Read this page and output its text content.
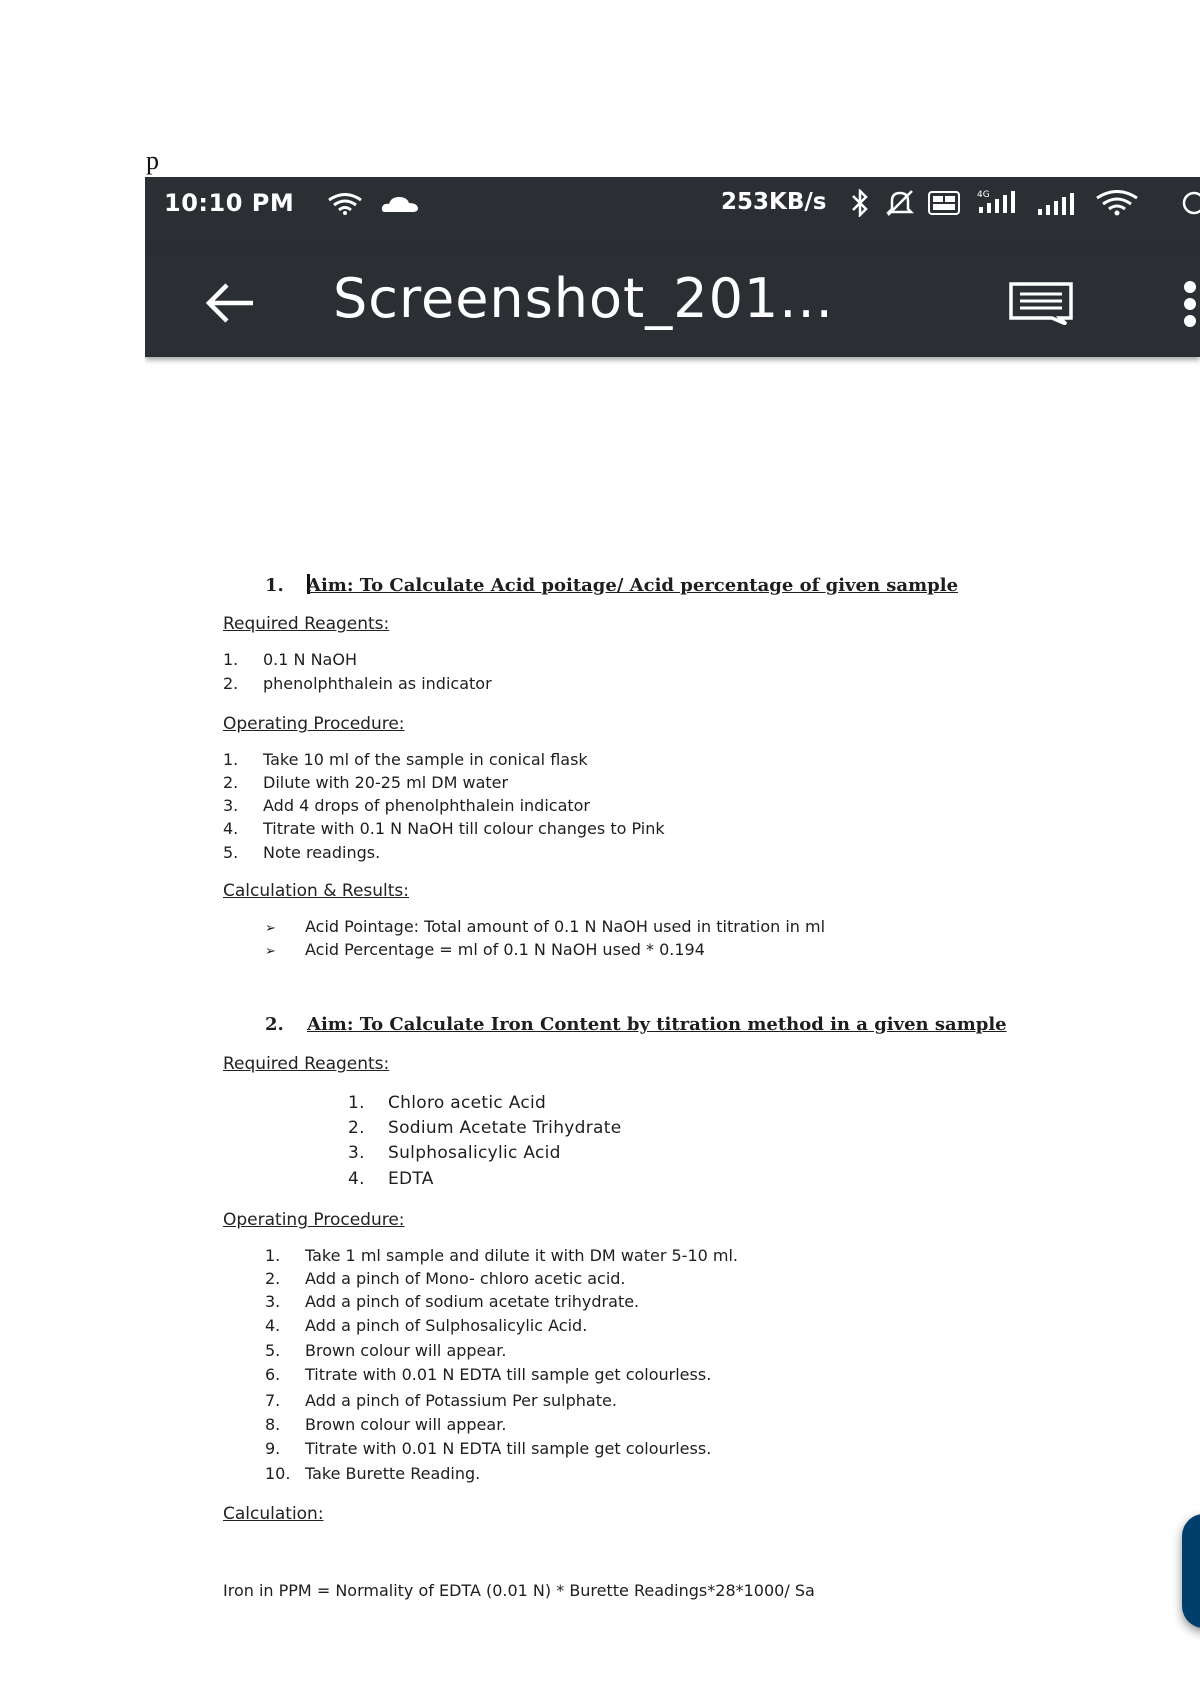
p
10:10 PM	253KB/s	4G
Screenshot_201...
1. Aim: To Calculate Acid poitage/ Acid percentage of given sample
Required Reagents:
1. 0.1 N NaOH
2. phenolphthalein as indicator
Operating Procedure:
1. Take 10 ml of the sample in conical flask
2. Dilute with 20-25 ml DM water
3. Add 4 drops of phenolphthalein indicator
4. Titrate with 0.1 N NaOH till colour changes to Pink
5. Note readings.
Calculation & Results:
➢ Acid Pointage: Total amount of 0.1 N NaOH used in titration in ml
➢ Acid Percentage = ml of 0.1 N NaOH used * 0.194
2. Aim: To Calculate Iron Content by titration method in a given sample
Required Reagents:
1. Chloro acetic Acid
2. Sodium Acetate Trihydrate
3. Sulphosalicylic Acid
4. EDTA
Operating Procedure:
1. Take 1 ml sample and dilute it with DM water 5-10 ml.
2. Add a pinch of Mono- chloro acetic acid.
3. Add a pinch of sodium acetate trihydrate.
4. Add a pinch of Sulphosalicylic Acid.
5. Brown colour will appear.
6. Titrate with 0.01 N EDTA till sample get colourless.
7. Add a pinch of Potassium Per sulphate.
8. Brown colour will appear.
9. Titrate with 0.01 N EDTA till sample get colourless.
10. Take Burette Reading.
Calculation:
Iron in PPM = Normality of EDTA (0.01 N) * Burette Readings*28*1000/ Sa
